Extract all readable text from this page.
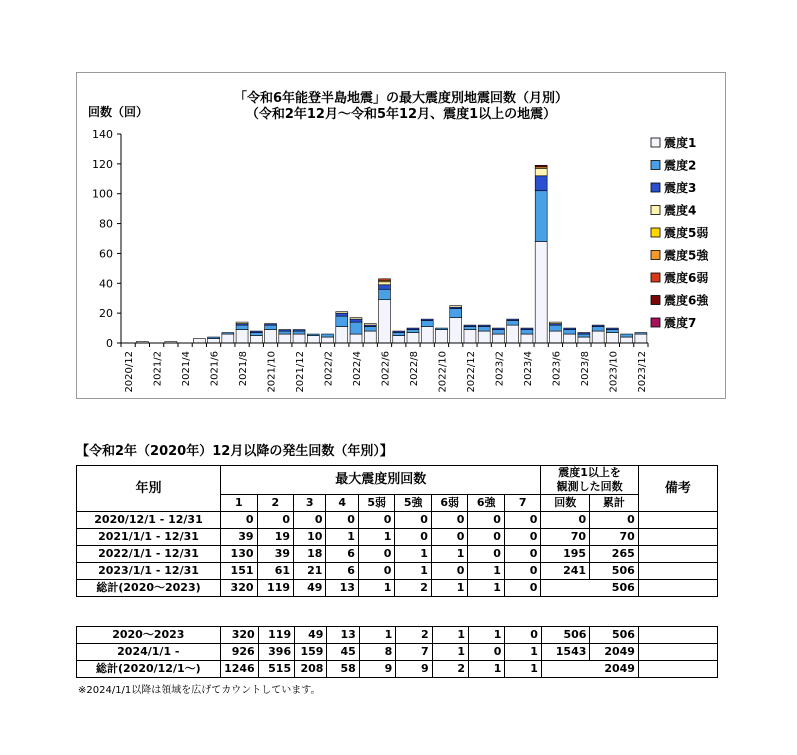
「令和6年能登半島地震」の最大震度別地震回数（月別）
（令和2年12月～令和5年12月、震度1以上の地震）
回数（回）
0
20
40
60
80
100
120
140
2020/12 2021/2 2021/4 2021/6 2021/8 2021/10 2021/12 2022/2 2022/4 2022/6 2022/8 2022/10 2022/12 2023/2 2023/4 2023/6 2023/8 2023/10 2023/12
震度1
震度2
震度3
震度4
震度5弱
震度5強
震度6弱
震度6強
震度7
【令和2年（2020年）12月以降の発生回数（年別）】
年別	最大震度別回数									震度1以上を
観測した回数		備考
	1	2	3	4	5弱	5強	6弱	6強	7	回数	累計	
2020/12/1 - 12/31	0	0	0	0	0	0	0	0	0	0	0	
2021/1/1 - 12/31	39	19	10	1	1	0	0	0	0	70	70	
2022/1/1 - 12/31	130	39	18	6	0	1	1	0	0	195	265	
2023/1/1 - 12/31	151	61	21	6	0	1	0	1	0	241	506	
総計(2020～2023)	320	119	49	13	1	2	1	1	0	506		
2020～2023	320	119	49	13	1	2	1	1	0	506	506	
2024/1/1 -	926	396	159	45	8	7	1	0	1	1543	2049	
総計(2020/12/1～)	1246	515	208	58	9	9	2	1	1	2049		
※2024/1/1以降は領域を広げてカウントしています。
